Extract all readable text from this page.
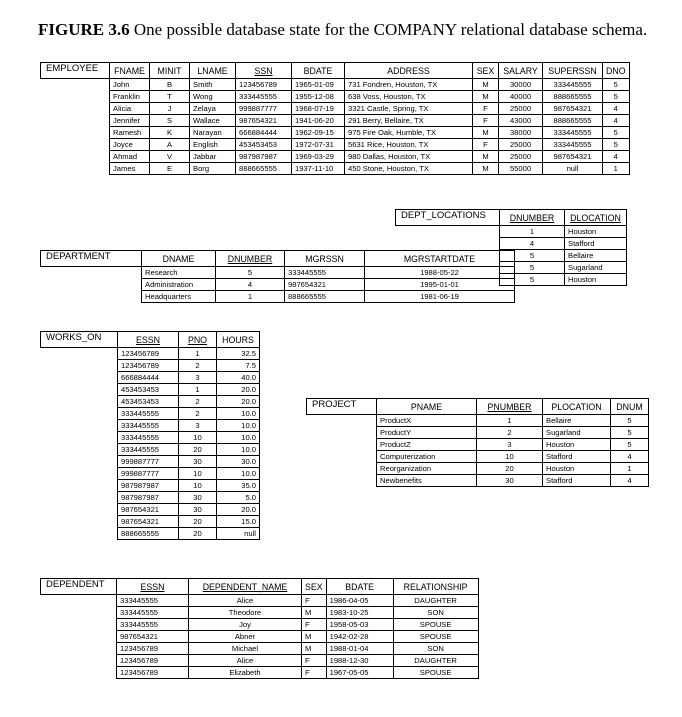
FIGURE 3.6 One possible database state for the COMPANY relational database schema.
EMPLOYEE	FNAME	MINIT	LNAME	SSN	BDATE	ADDRESS	SEX	SALARY	SUPERSSN	DNO
	John	B	Smith	123456789	1965-01-09	731 Fondren, Houston, TX	M	30000	333445555	5
	Franklin	T	Wong	333445555	1955-12-08	638 Voss, Houston, TX	M	40000	888665555	5
	Alicia	J	Zelaya	999887777	1968-07-19	3321 Castle, Spring, TX	F	25000	987654321	4
	Jennifer	S	Wallace	987654321	1941-06-20	291 Berry, Bellaire, TX	F	43000	888665555	4
	Ramesh	K	Narayan	666884444	1962-09-15	975 Fire Oak, Humble, TX	M	38000	333445555	5
	Joyce	A	English	453453453	1972-07-31	5631 Rice, Houston, TX	F	25000	333445555	5
	Ahmad	V	Jabbar	987987987	1969-03-29	980 Dallas, Houston, TX	M	25000	987654321	4
	James	E	Borg	888665555	1937-11-10	450 Stone, Houston, TX	M	55000	null	1
DEPT_LOCATIONS	DNUMBER	DLOCATION
	1	Houston
	4	Stafford
	5	Bellaire
	5	Sugarland
	5	Houston
DEPARTMENT	DNAME	DNUMBER	MGRSSN	MGRSTARTDATE
	Research	5	333445555	1988-05-22
	Administration	4	987654321	1995-01-01
	Headquarters	1	888665555	1981-06-19
WORKS_ON	ESSN	PNO	HOURS
	123456789	1	32.5
	123456789	2	7.5
	666884444	3	40.0
	453453453	1	20.0
	453453453	2	20.0
	333445555	2	10.0
	333445555	3	10.0
	333445555	10	10.0
	333445555	20	10.0
	999887777	30	30.0
	999887777	10	10.0
	987987987	10	35.0
	987987987	30	5.0
	987654321	30	20.0
	987654321	20	15.0
	888665555	20	null
PROJECT	PNAME	PNUMBER	PLOCATION	DNUM
	ProductX	1	Bellaire	5
	ProductY	2	Sugarland	5
	ProductZ	3	Houston	5
	Computerization	10	Stafford	4
	Reorganization	20	Houston	1
	Newbenefits	30	Stafford	4
DEPENDENT	ESSN	DEPENDENT_NAME	SEX	BDATE	RELATIONSHIP
	333445555	Alice	F	1986-04-05	DAUGHTER
	333445555	Theodore	M	1983-10-25	SON
	333445555	Joy	F	1958-05-03	SPOUSE
	987654321	Abner	M	1942-02-28	SPOUSE
	123456789	Michael	M	1988-01-04	SON
	123456789	Alice	F	1988-12-30	DAUGHTER
	123456789	Elizabeth	F	1967-05-05	SPOUSE
